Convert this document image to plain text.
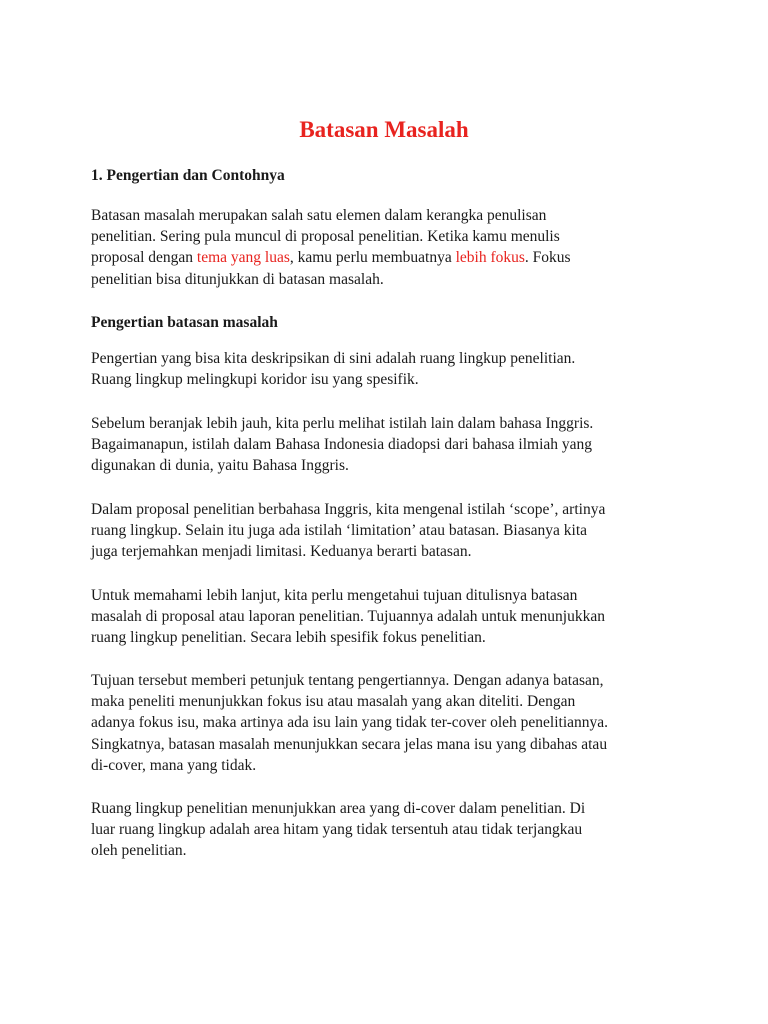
Batasan Masalah

1. Pengertian dan Contohnya

Batasan masalah merupakan salah satu elemen dalam kerangka penulisan
penelitian. Sering pula muncul di proposal penelitian. Ketika kamu menulis
proposal dengan tema yang luas, kamu perlu membuatnya lebih fokus. Fokus
penelitian bisa ditunjukkan di batasan masalah.

Pengertian batasan masalah

Pengertian yang bisa kita deskripsikan di sini adalah ruang lingkup penelitian.
Ruang lingkup melingkupi koridor isu yang spesifik.

Sebelum beranjak lebih jauh, kita perlu melihat istilah lain dalam bahasa Inggris.
Bagaimanapun, istilah dalam Bahasa Indonesia diadopsi dari bahasa ilmiah yang
digunakan di dunia, yaitu Bahasa Inggris.

Dalam proposal penelitian berbahasa Inggris, kita mengenal istilah ‘scope’, artinya
ruang lingkup. Selain itu juga ada istilah ‘limitation’ atau batasan. Biasanya kita
juga terjemahkan menjadi limitasi. Keduanya berarti batasan.

Untuk memahami lebih lanjut, kita perlu mengetahui tujuan ditulisnya batasan
masalah di proposal atau laporan penelitian. Tujuannya adalah untuk menunjukkan
ruang lingkup penelitian. Secara lebih spesifik fokus penelitian.

Tujuan tersebut memberi petunjuk tentang pengertiannya. Dengan adanya batasan,
maka peneliti menunjukkan fokus isu atau masalah yang akan diteliti. Dengan
adanya fokus isu, maka artinya ada isu lain yang tidak ter-cover oleh penelitiannya.
Singkatnya, batasan masalah menunjukkan secara jelas mana isu yang dibahas atau
di-cover, mana yang tidak.

Ruang lingkup penelitian menunjukkan area yang di-cover dalam penelitian. Di
luar ruang lingkup adalah area hitam yang tidak tersentuh atau tidak terjangkau
oleh penelitian.
